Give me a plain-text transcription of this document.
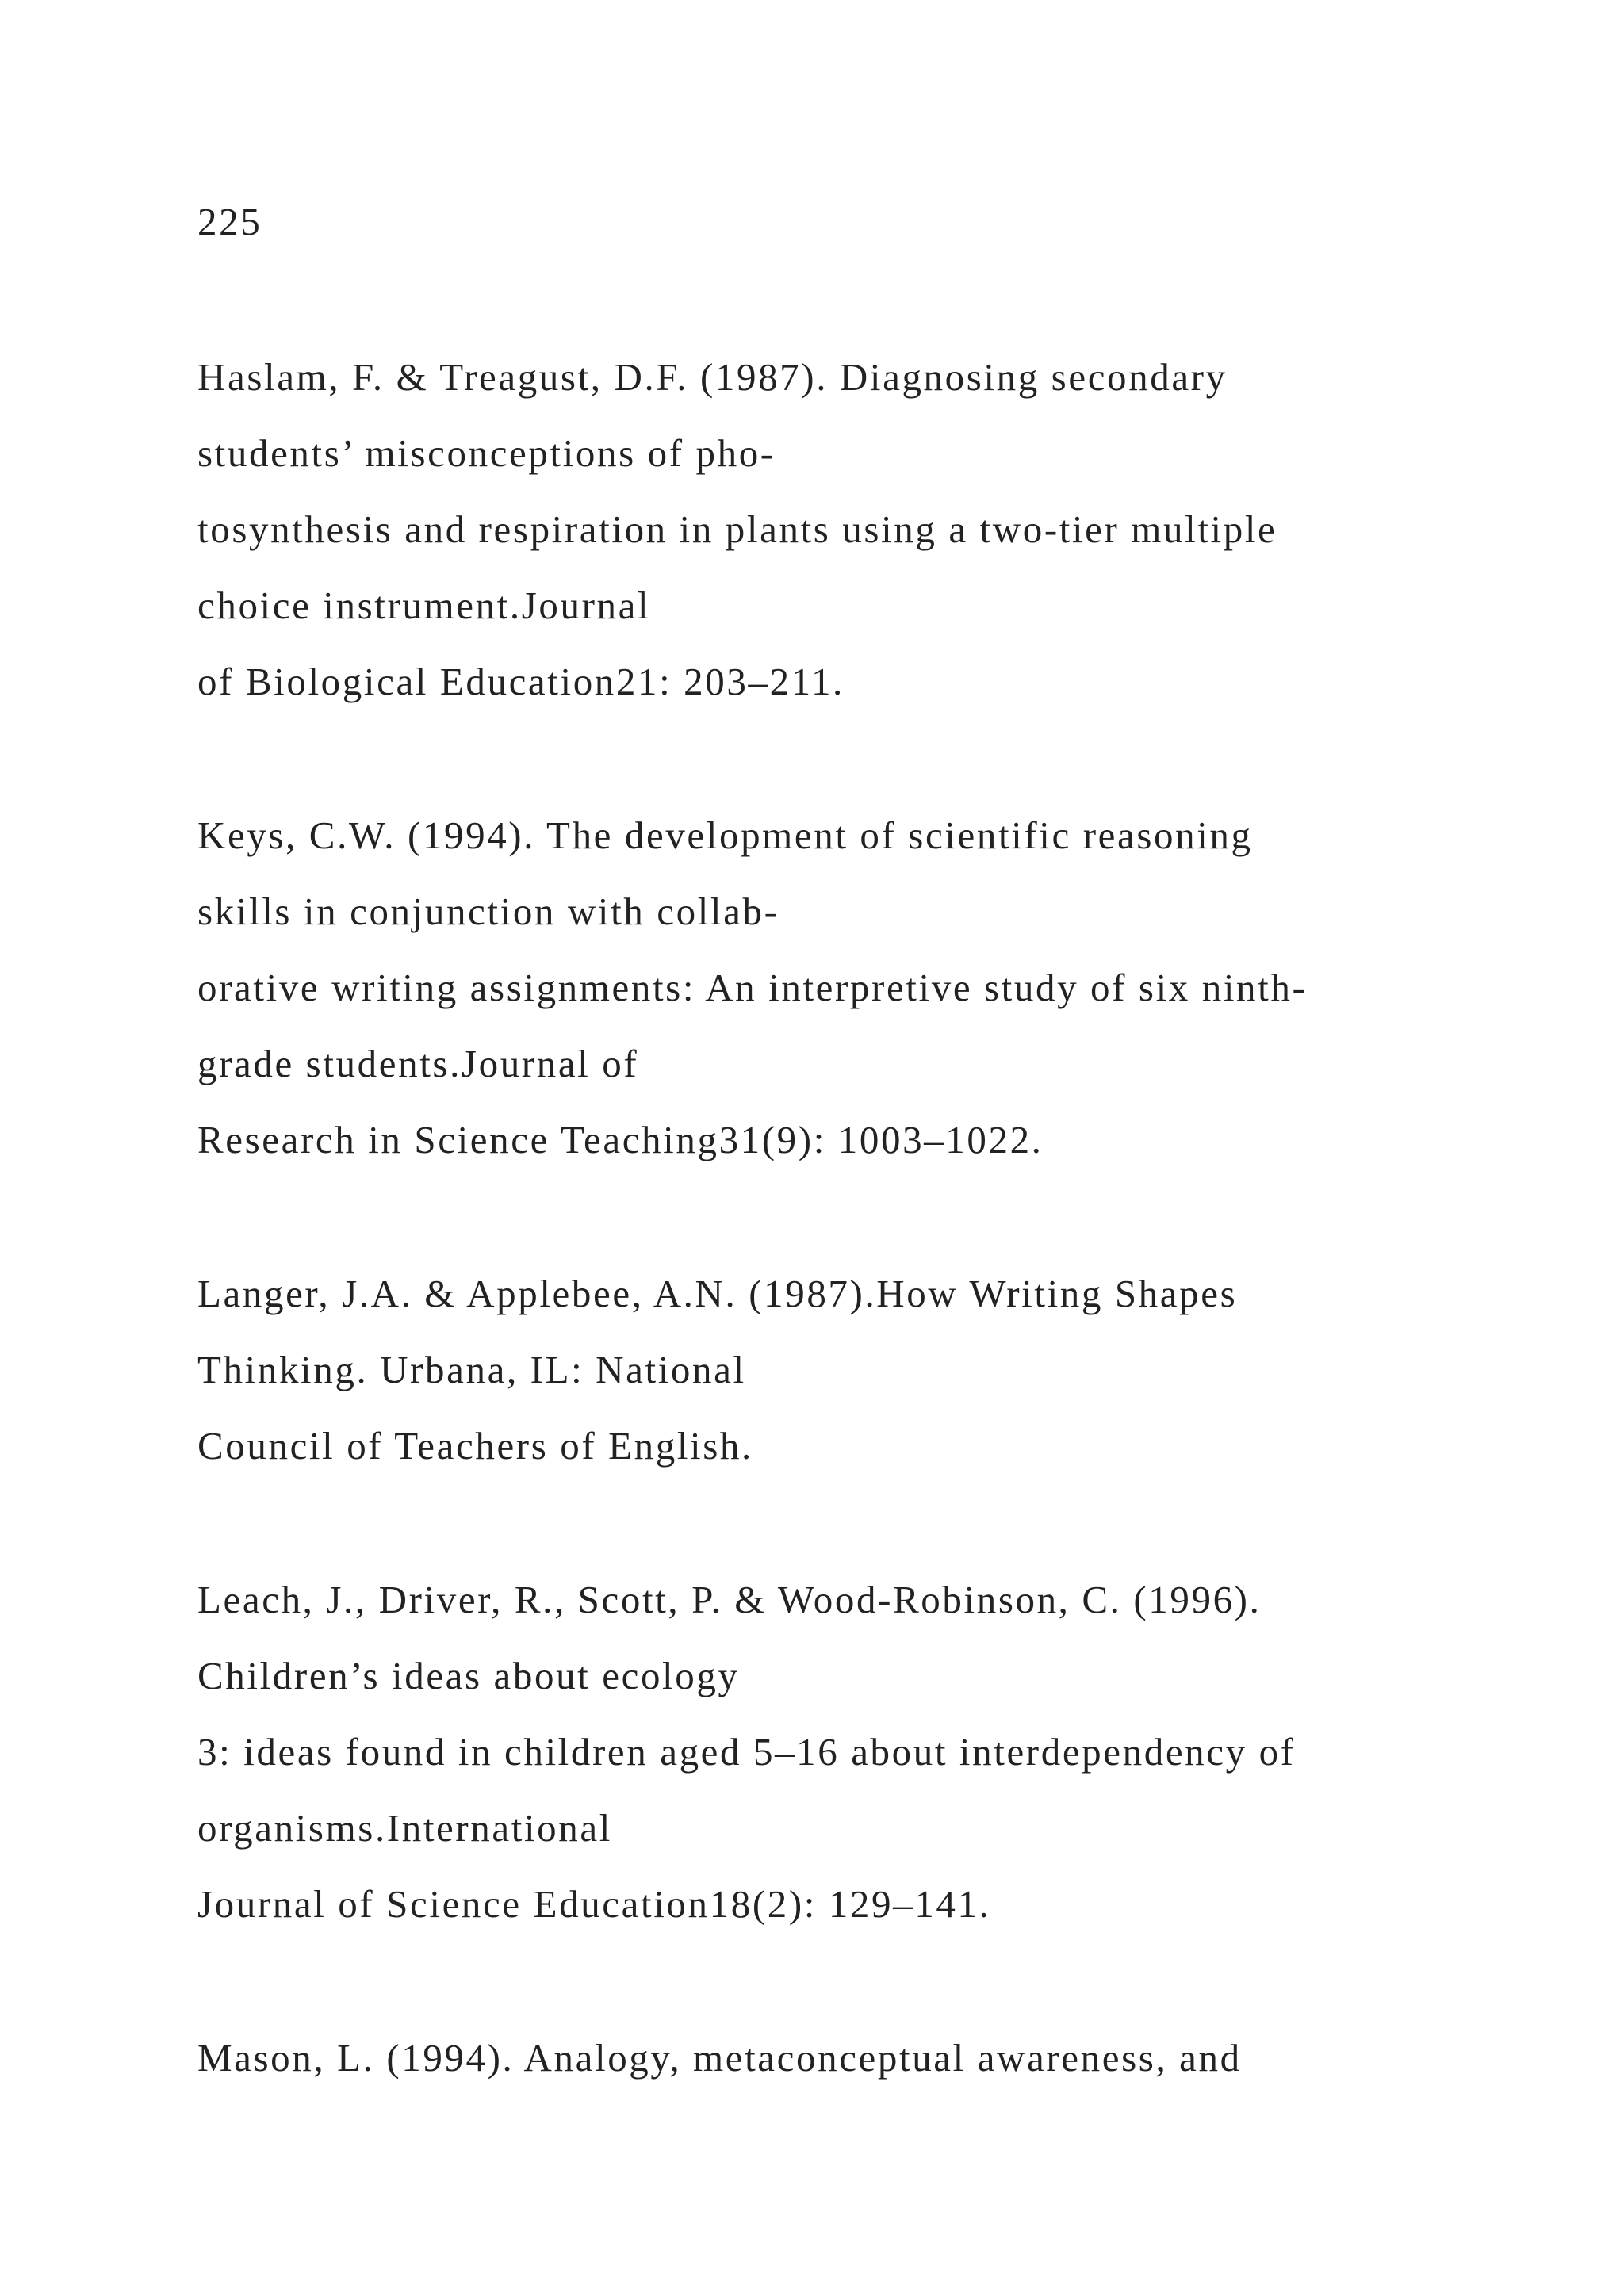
225
Haslam, F. & Treagust, D.F. (1987). Diagnosing secondary
students’ misconceptions of pho-
tosynthesis and respiration in plants using a two-tier multiple
choice instrument.Journal
of Biological Education21: 203–211.
Keys, C.W. (1994). The development of scientific reasoning
skills in conjunction with collab-
orative writing assignments: An interpretive study of six ninth-
grade students.Journal of
Research in Science Teaching31(9): 1003–1022.
Langer, J.A. & Applebee, A.N. (1987).How Writing Shapes
Thinking. Urbana, IL: National
Council of Teachers of English.
Leach, J., Driver, R., Scott, P. & Wood-Robinson, C. (1996).
Children’s ideas about ecology
3: ideas found in children aged 5–16 about interdependency of
organisms.International
Journal of Science Education18(2): 129–141.
Mason, L. (1994). Analogy, metaconceptual awareness, and
